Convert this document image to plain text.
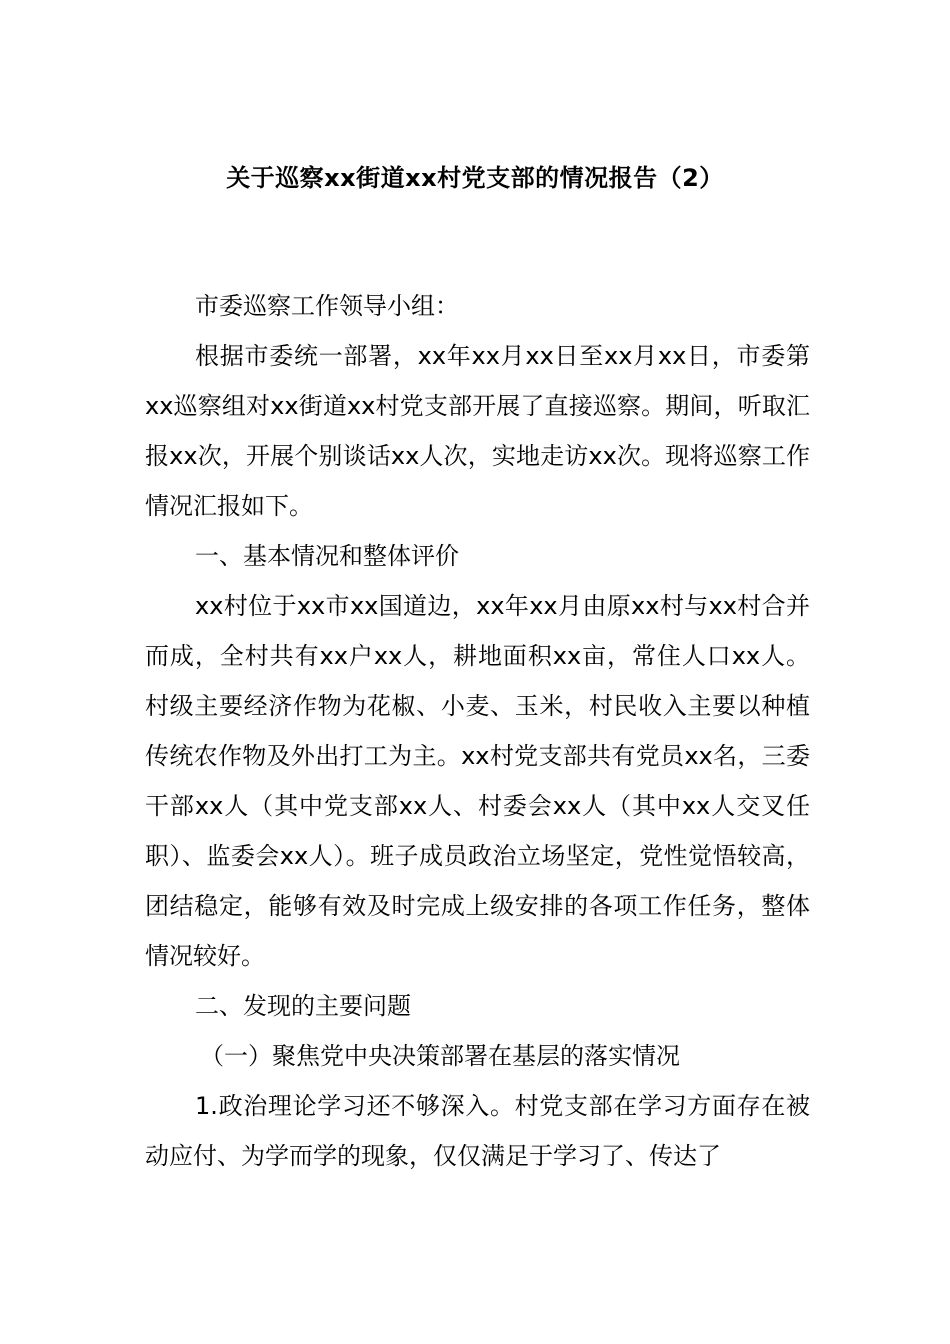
关于巡察xx街道xx村党支部的情况报告（2）

市委巡察工作领导小组：

根据市委统一部署，xx年xx月xx日至xx月xx日，市委第xx巡察组对xx街道xx村党支部开展了直接巡察。期间，听取汇报xx次，开展个别谈话xx人次，实地走访xx次。现将巡察工作情况汇报如下。

一、基本情况和整体评价

xx村位于xx市xx国道边，xx年xx月由原xx村与xx村合并而成，全村共有xx户xx人，耕地面积xx亩，常住人口xx人。村级主要经济作物为花椒、小麦、玉米，村民收入主要以种植传统农作物及外出打工为主。xx村党支部共有党员xx名，三委干部xx人（其中党支部xx人、村委会xx人（其中xx人交叉任职）、监委会xx人）。班子成员政治立场坚定，党性觉悟较高，团结稳定，能够有效及时完成上级安排的各项工作任务，整体情况较好。

二、发现的主要问题

（一）聚焦党中央决策部署在基层的落实情况

1.政治理论学习还不够深入。村党支部在学习方面存在被动应付、为学而学的现象，仅仅满足于学习了、传达了
